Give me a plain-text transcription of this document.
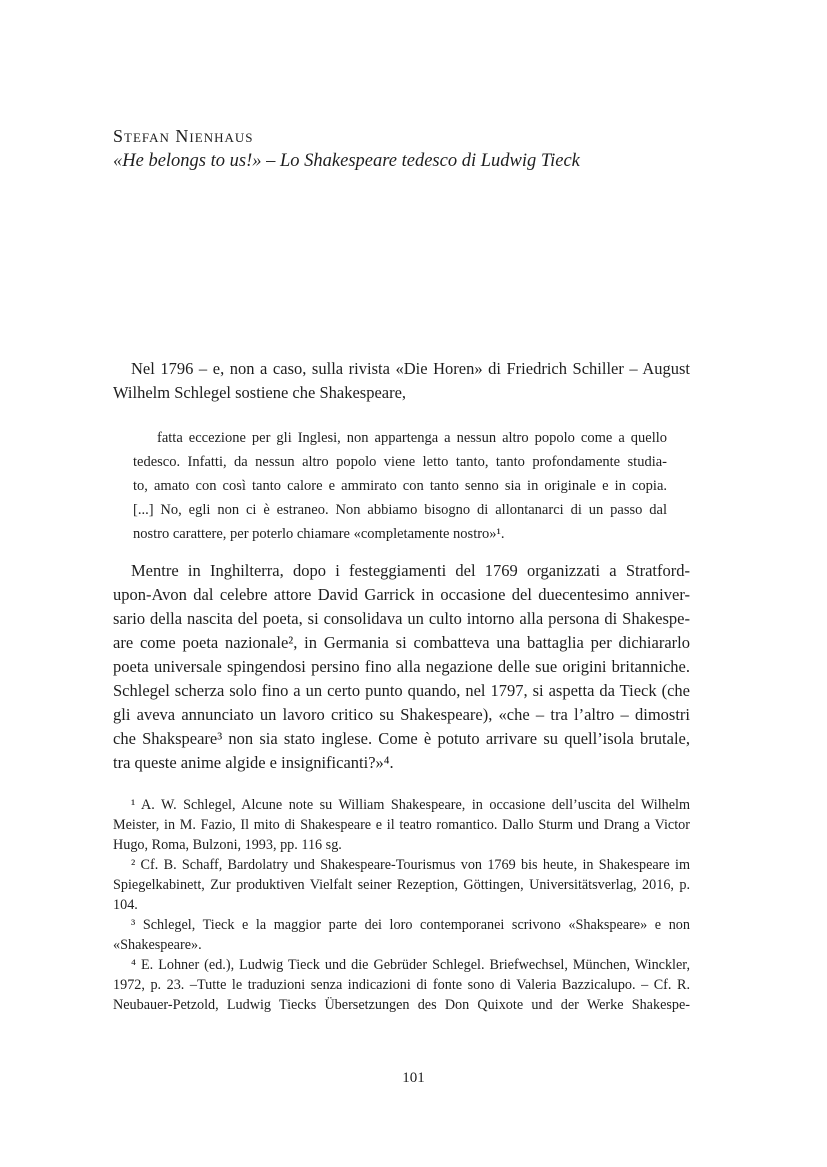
Stefan Nienhaus
«He belongs to us!» – Lo Shakespeare tedesco di Ludwig Tieck
Nel 1796 – e, non a caso, sulla rivista «Die Horen» di Friedrich Schiller – August
Wilhelm Schlegel sostiene che Shakespeare,
fatta eccezione per gli Inglesi, non appartenga a nessun altro popolo come a quello
tedesco. Infatti, da nessun altro popolo viene letto tanto, tanto profondamente studia-
to, amato con così tanto calore e ammirato con tanto senno sia in originale e in copia.
[...] No, egli non ci è estraneo. Non abbiamo bisogno di allontanarci di un passo dal
nostro carattere, per poterlo chiamare «completamente nostro»¹.
Mentre in Inghilterra, dopo i festeggiamenti del 1769 organizzati a Stratford-
upon-Avon dal celebre attore David Garrick in occasione del duecentesimo anniver-
sario della nascita del poeta, si consolidava un culto intorno alla persona di Shakespe-
are come poeta nazionale², in Germania si combatteva una battaglia per dichiararlo
poeta universale spingendosi persino fino alla negazione delle sue origini britanniche.
Schlegel scherza solo fino a un certo punto quando, nel 1797, si aspetta da Tieck (che
gli aveva annunciato un lavoro critico su Shakespeare), «che – tra l’altro – dimostri
che Shakspeare³ non sia stato inglese. Come è potuto arrivare su quell’isola brutale,
tra queste anime algide e insignificanti?»⁴.
¹ A. W. Schlegel, Alcune note su William Shakespeare, in occasione dell’uscita del Wilhelm
Meister, in M. Fazio, Il mito di Shakespeare e il teatro romantico. Dallo Sturm und Drang a Victor
Hugo, Roma, Bulzoni, 1993, pp. 116 sg.
² Cf. B. Schaff, Bardolatry und Shakespeare-Tourismus von 1769 bis heute, in Shakespeare im
Spiegelkabinett, Zur produktiven Vielfalt seiner Rezeption, Göttingen, Universitätsverlag, 2016, p.
104.
³ Schlegel, Tieck e la maggior parte dei loro contemporanei scrivono «Shakspeare» e non
«Shakespeare».
⁴ E. Lohner (ed.), Ludwig Tieck und die Gebrüder Schlegel. Briefwechsel, München, Winckler,
1972, p. 23. –Tutte le traduzioni senza indicazioni di fonte sono di Valeria Bazzicalupo. – Cf. R.
Neubauer-Petzold, Ludwig Tiecks Übersetzungen des Don Quixote und der Werke Shakespe-
101
